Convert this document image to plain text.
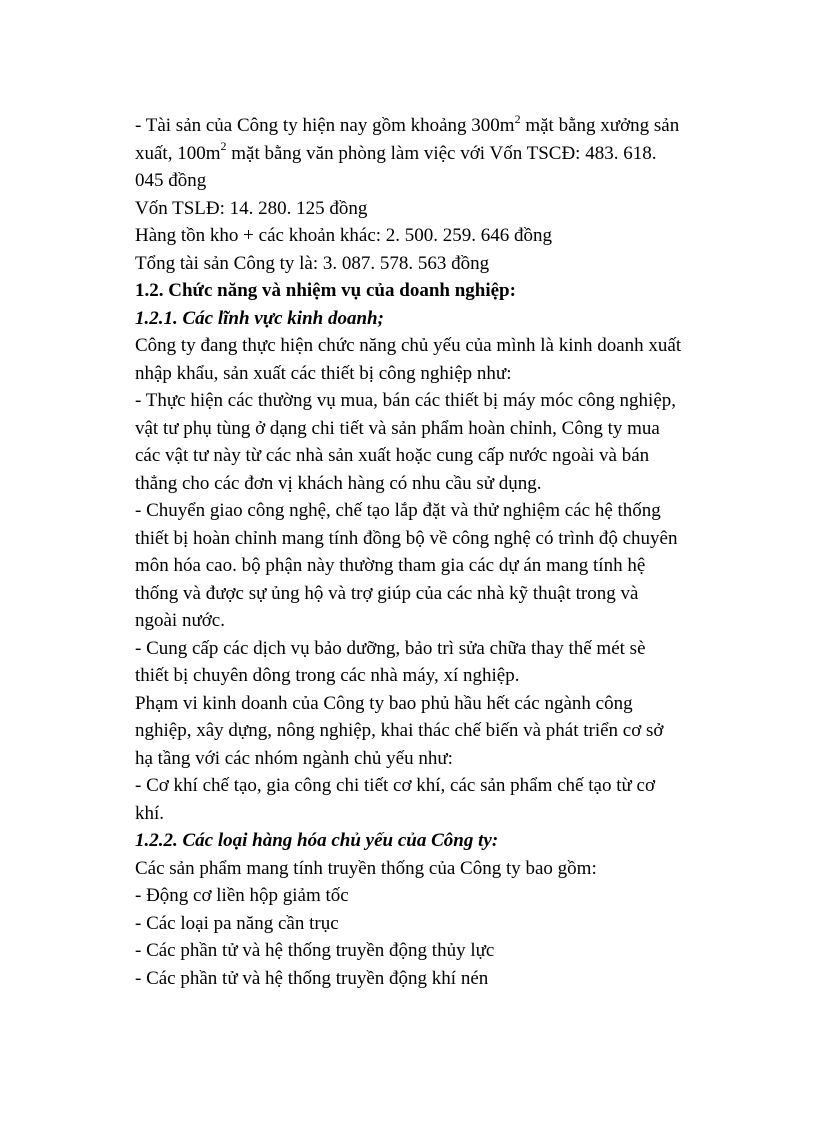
- Tài sản của Công ty hiện nay gồm khoảng $300m^2$ mặt bằng xưởng sản
xuất, $100m^2$ mặt bằng văn phòng làm việc với Vốn TSCĐ: 483. 618.
045 đồng
Vốn TSLĐ: 14. 280. 125 đồng
Hàng tồn kho + các khoản khác: 2. 500. 259. 646 đồng
Tổng tài sản Công ty là: 3. 087. 578. 563 đồng
1.2. Chức năng và nhiệm vụ của doanh nghiệp:
1.2.1. Các lĩnh vực kinh doanh;
Công ty đang thực hiện chức năng chủ yếu của mình là kinh doanh xuất
nhập khẩu, sản xuất các thiết bị công nghiệp như:
- Thực hiện các thường vụ mua, bán các thiết bị máy móc công nghiệp,
vật tư phụ tùng ở dạng chi tiết và sản phẩm hoàn chỉnh, Công ty mua
các vật tư này từ các nhà sản xuất hoặc cung cấp nước ngoài và bán
thẳng cho các đơn vị khách hàng có nhu cầu sử dụng.
- Chuyển giao công nghệ, chế tạo lắp đặt và thử nghiệm các hệ thống
thiết bị hoàn chỉnh mang tính đồng bộ về công nghệ có trình độ chuyên
môn hóa cao. bộ phận này thường tham gia các dự án mang tính hệ
thống và được sự ủng hộ và trợ giúp của các nhà kỹ thuật trong và
ngoài nước.
- Cung cấp các dịch vụ bảo dưỡng, bảo trì sửa chữa thay thế mét sè
thiết bị chuyên dông trong các nhà máy, xí nghiệp.
Phạm vi kinh doanh của Công ty bao phủ hầu hết các ngành công
nghiệp, xây dựng, nông nghiệp, khai thác chế biến và phát triển cơ sở
hạ tầng với các nhóm ngành chủ yếu như:
- Cơ khí chế tạo, gia công chi tiết cơ khí, các sản phẩm chế tạo từ cơ
khí.
1.2.2. Các loại hàng hóa chủ yếu của Công ty:
Các sản phẩm mang tính truyền thống của Công ty bao gồm:
- Động cơ liền hộp giảm tốc
- Các loại pa năng cần trục
- Các phần tử và hệ thống truyền động thủy lực
- Các phần tử và hệ thống truyền động khí nén
